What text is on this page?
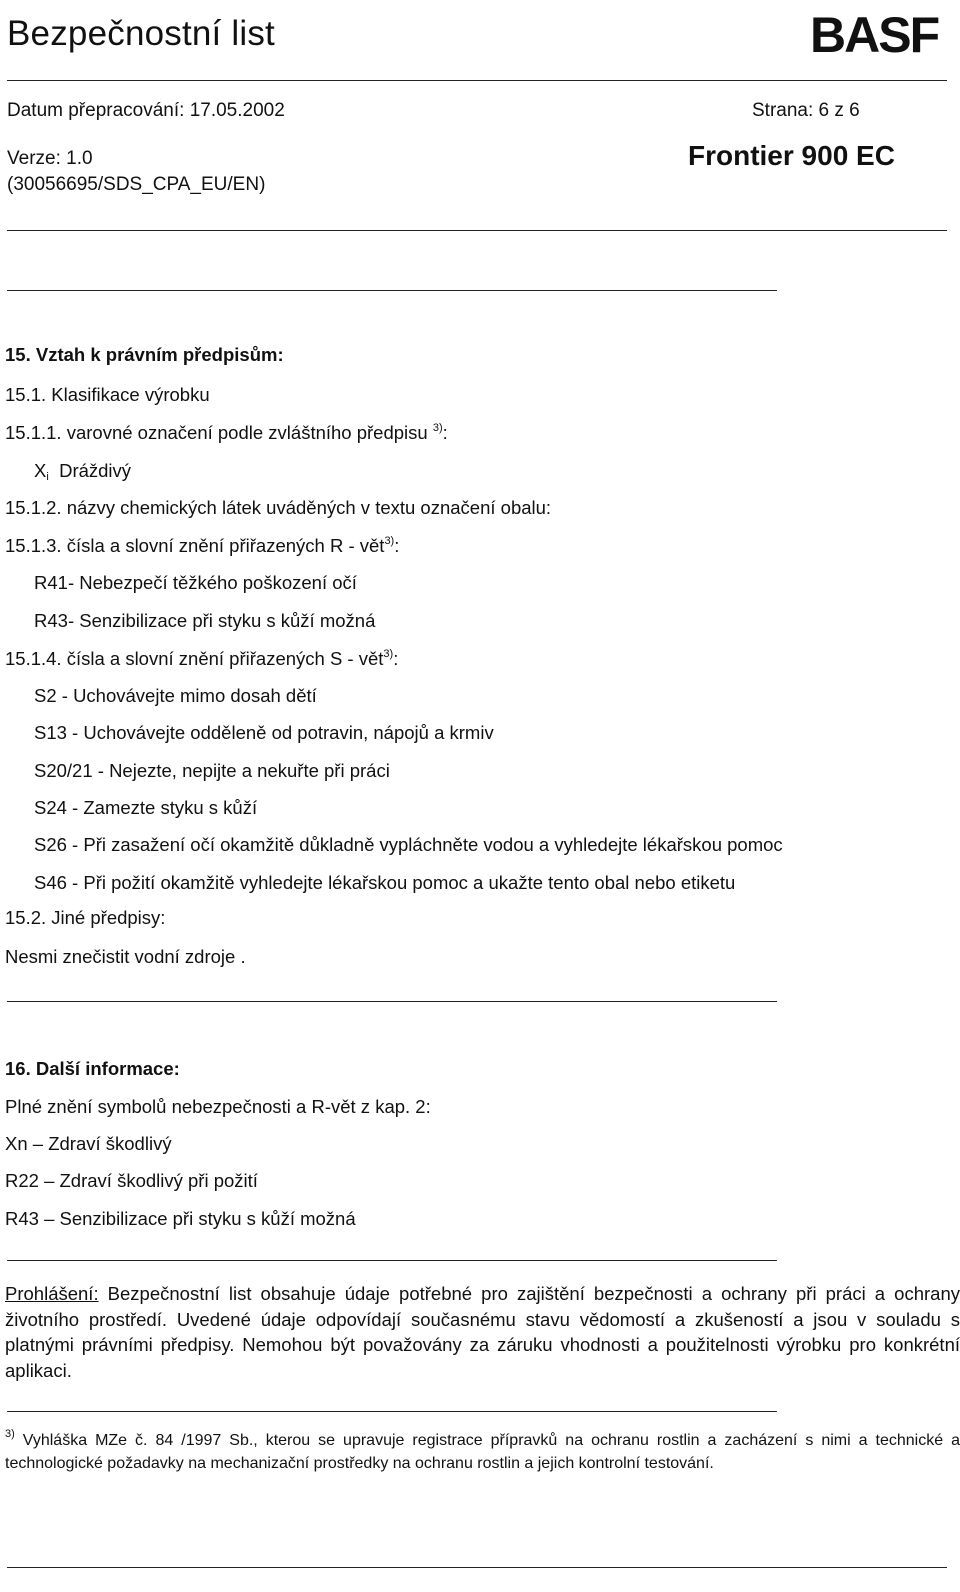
Bezpečnostní list	BASF
Datum přepracování: 17.05.2002	Strana: 6 z 6
Verze: 1.0	Frontier 900 EC
(30056695/SDS_CPA_EU/EN)
15. Vztah k právním předpisům:
15.1. Klasifikace výrobku
15.1.1. varovné označení podle zvláštního předpisu $^{3)}$:
$X_i$ Dráždivý
15.1.2. názvy chemických látek uváděných v textu označení obalu:
15.1.3. čísla a slovní znění přiřazených R - vět$^{3)}$:
R41- Nebezpečí těžkého poškození očí
R43- Senzibilizace při styku s kůží možná
15.1.4. čísla a slovní znění přiřazených S - vět$^{3)}$:
S2 - Uchovávejte mimo dosah dětí
S13 - Uchovávejte odděleně od potravin, nápojů a krmiv
S20/21 - Nejezte, nepijte a nekuřte při práci
S24 - Zamezte styku s kůží
S26 - Při zasažení očí okamžitě důkladně vypláchněte vodou a vyhledejte lékařskou pomoc
S46 - Při požití okamžitě vyhledejte lékařskou pomoc a ukažte tento obal nebo etiketu
15.2. Jiné předpisy:
Nesmi znečistit vodní zdroje .
16. Další informace:
Plné znění symbolů nebezpečnosti a R-vět z kap. 2:
Xn – Zdraví škodlivý
R22 – Zdraví škodlivý při požití
R43 – Senzibilizace při styku s kůží možná
Prohlášení: Bezpečnostní list obsahuje údaje potřebné pro zajištění bezpečnosti a ochrany při práci a ochrany životního prostředí. Uvedené údaje odpovídají současnému stavu vědomostí a zkušeností a jsou v souladu s platnými právními předpisy. Nemohou být považovány za záruku vhodnosti a použitelnosti výrobku pro konkrétní aplikaci.
$^{3)}$ Vyhláška MZe č. 84 /1997 Sb., kterou se upravuje registrace přípravků na ochranu rostlin a zacházení s nimi a technické a technologické požadavky na mechanizační prostředky na ochranu rostlin a jejich kontrolní testování.
